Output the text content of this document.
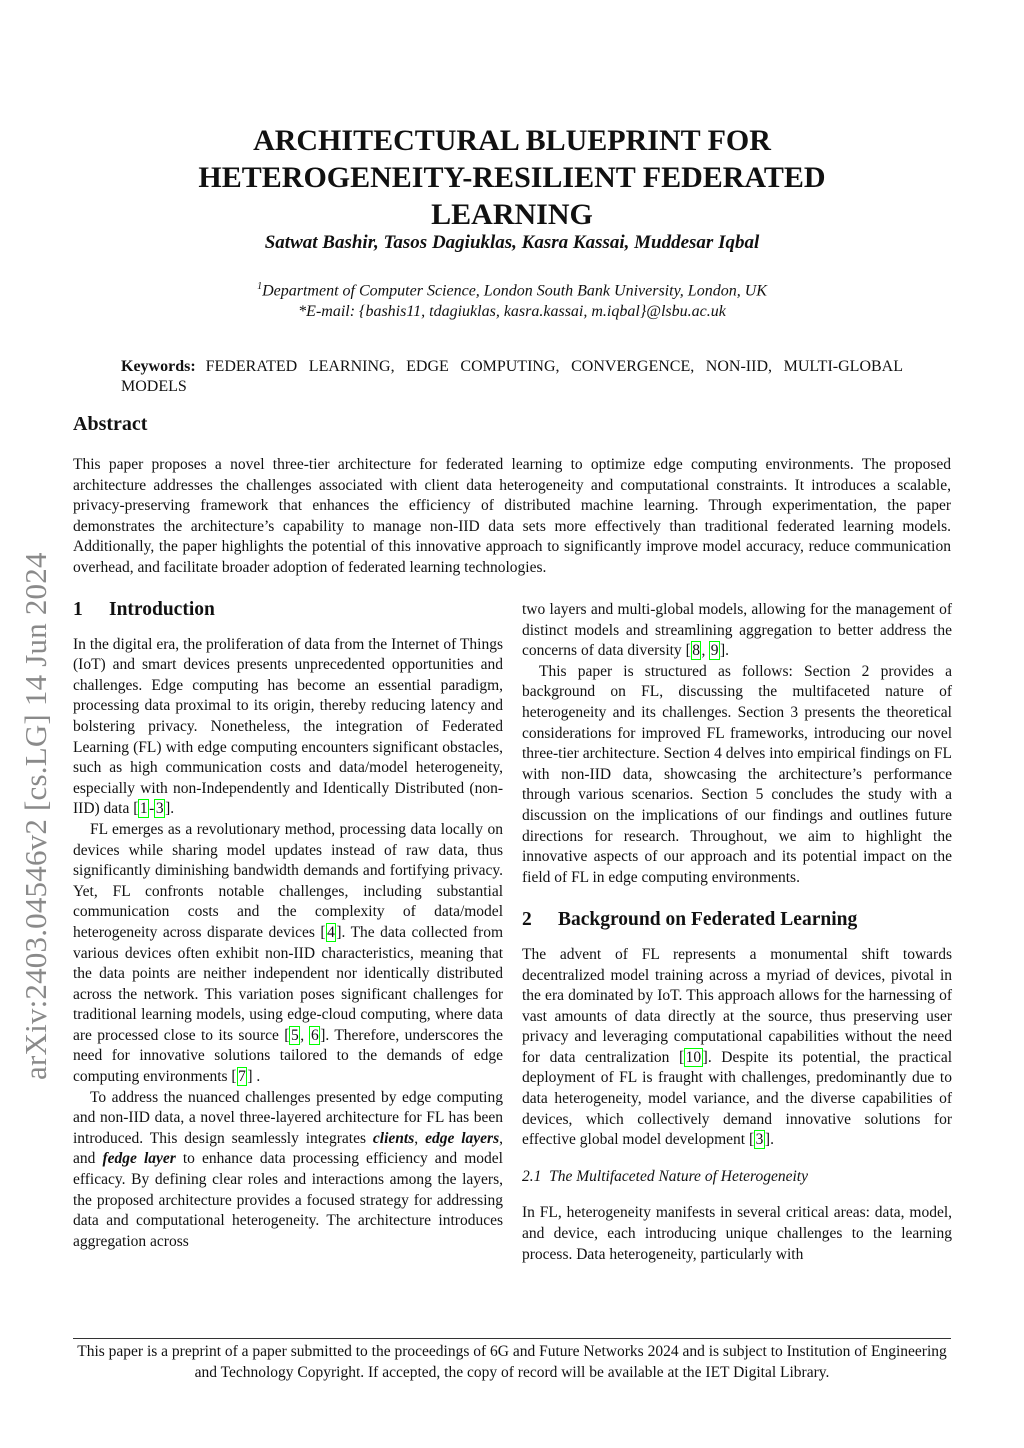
arXiv:2403.04546v2 [cs.LG] 14 Jun 2024
ARCHITECTURAL BLUEPRINT FOR HETEROGENEITY-RESILIENT FEDERATED LEARNING
Satwat Bashir, Tasos Dagiuklas, Kasra Kassai, Muddesar Iqbal
$^1$Department of Computer Science, London South Bank University, London, UK
*E-mail: {bashis11, tdagiuklas, kasra.kassai, m.iqbal}@lsbu.ac.uk
Keywords: FEDERATED LEARNING, EDGE COMPUTING, CONVERGENCE, NON-IID, MULTI-GLOBAL MODELS
Abstract

This paper proposes a novel three-tier architecture for federated learning to optimize edge computing environments. The proposed architecture addresses the challenges associated with client data heterogeneity and computational constraints. It introduces a scalable, privacy-preserving framework that enhances the efficiency of distributed machine learning. Through experimentation, the paper demonstrates the architecture’s capability to manage non-IID data sets more effectively than traditional federated learning models. Additionally, the paper highlights the potential of this innovative approach to significantly improve model accuracy, reduce communication overhead, and facilitate broader adoption of federated learning technologies.

1 Introduction

In the digital era, the proliferation of data from the Internet of Things (IoT) and smart devices presents unprecedented opportunities and challenges. Edge computing has become an essential paradigm, processing data proximal to its origin, thereby reducing latency and bolstering privacy. Nonetheless, the integration of Federated Learning (FL) with edge computing encounters significant obstacles, such as high communication costs and data/model heterogeneity, especially with non-Independently and Identically Distributed (non-IID) data [1-3].

FL emerges as a revolutionary method, processing data locally on devices while sharing model updates instead of raw data, thus significantly diminishing bandwidth demands and fortifying privacy. Yet, FL confronts notable challenges, including substantial communication costs and the complexity of data/model heterogeneity across disparate devices [4]. The data collected from various devices often exhibit non-IID characteristics, meaning that the data points are neither independent nor identically distributed across the network. This variation poses significant challenges for traditional learning models, using edge-cloud computing, where data are processed close to its source [5, 6]. Therefore, underscores the need for innovative solutions tailored to the demands of edge computing environments [7] .

To address the nuanced challenges presented by edge computing and non-IID data, a novel three-layered architecture for FL has been introduced. This design seamlessly integrates clients, edge layers, and fedge layer to enhance data processing efficiency and model efficacy. By defining clear roles and interactions among the layers, the proposed architecture provides a focused strategy for addressing data and computational heterogeneity. The architecture introduces aggregation across

two layers and multi-global models, allowing for the management of distinct models and streamlining aggregation to better address the concerns of data diversity [8, 9].

This paper is structured as follows: Section 2 provides a background on FL, discussing the multifaceted nature of heterogeneity and its challenges. Section 3 presents the theoretical considerations for improved FL frameworks, introducing our novel three-tier architecture. Section 4 delves into empirical findings on FL with non-IID data, showcasing the architecture’s performance through various scenarios. Section 5 concludes the study with a discussion on the implications of our findings and outlines future directions for research. Throughout, we aim to highlight the innovative aspects of our approach and its potential impact on the field of FL in edge computing environments.

2 Background on Federated Learning

The advent of FL represents a monumental shift towards decentralized model training across a myriad of devices, pivotal in the era dominated by IoT. This approach allows for the harnessing of vast amounts of data directly at the source, thus preserving user privacy and leveraging computational capabilities without the need for data centralization [10]. Despite its potential, the practical deployment of FL is fraught with challenges, predominantly due to data heterogeneity, model variance, and the diverse capabilities of devices, which collectively demand innovative solutions for effective global model development [3].

2.1 The Multifaceted Nature of Heterogeneity

In FL, heterogeneity manifests in several critical areas: data, model, and device, each introducing unique challenges to the learning process. Data heterogeneity, particularly with

This paper is a preprint of a paper submitted to the proceedings of 6G and Future Networks 2024 and is subject to Institution of Engineering and Technology Copyright. If accepted, the copy of record will be available at the IET Digital Library.
